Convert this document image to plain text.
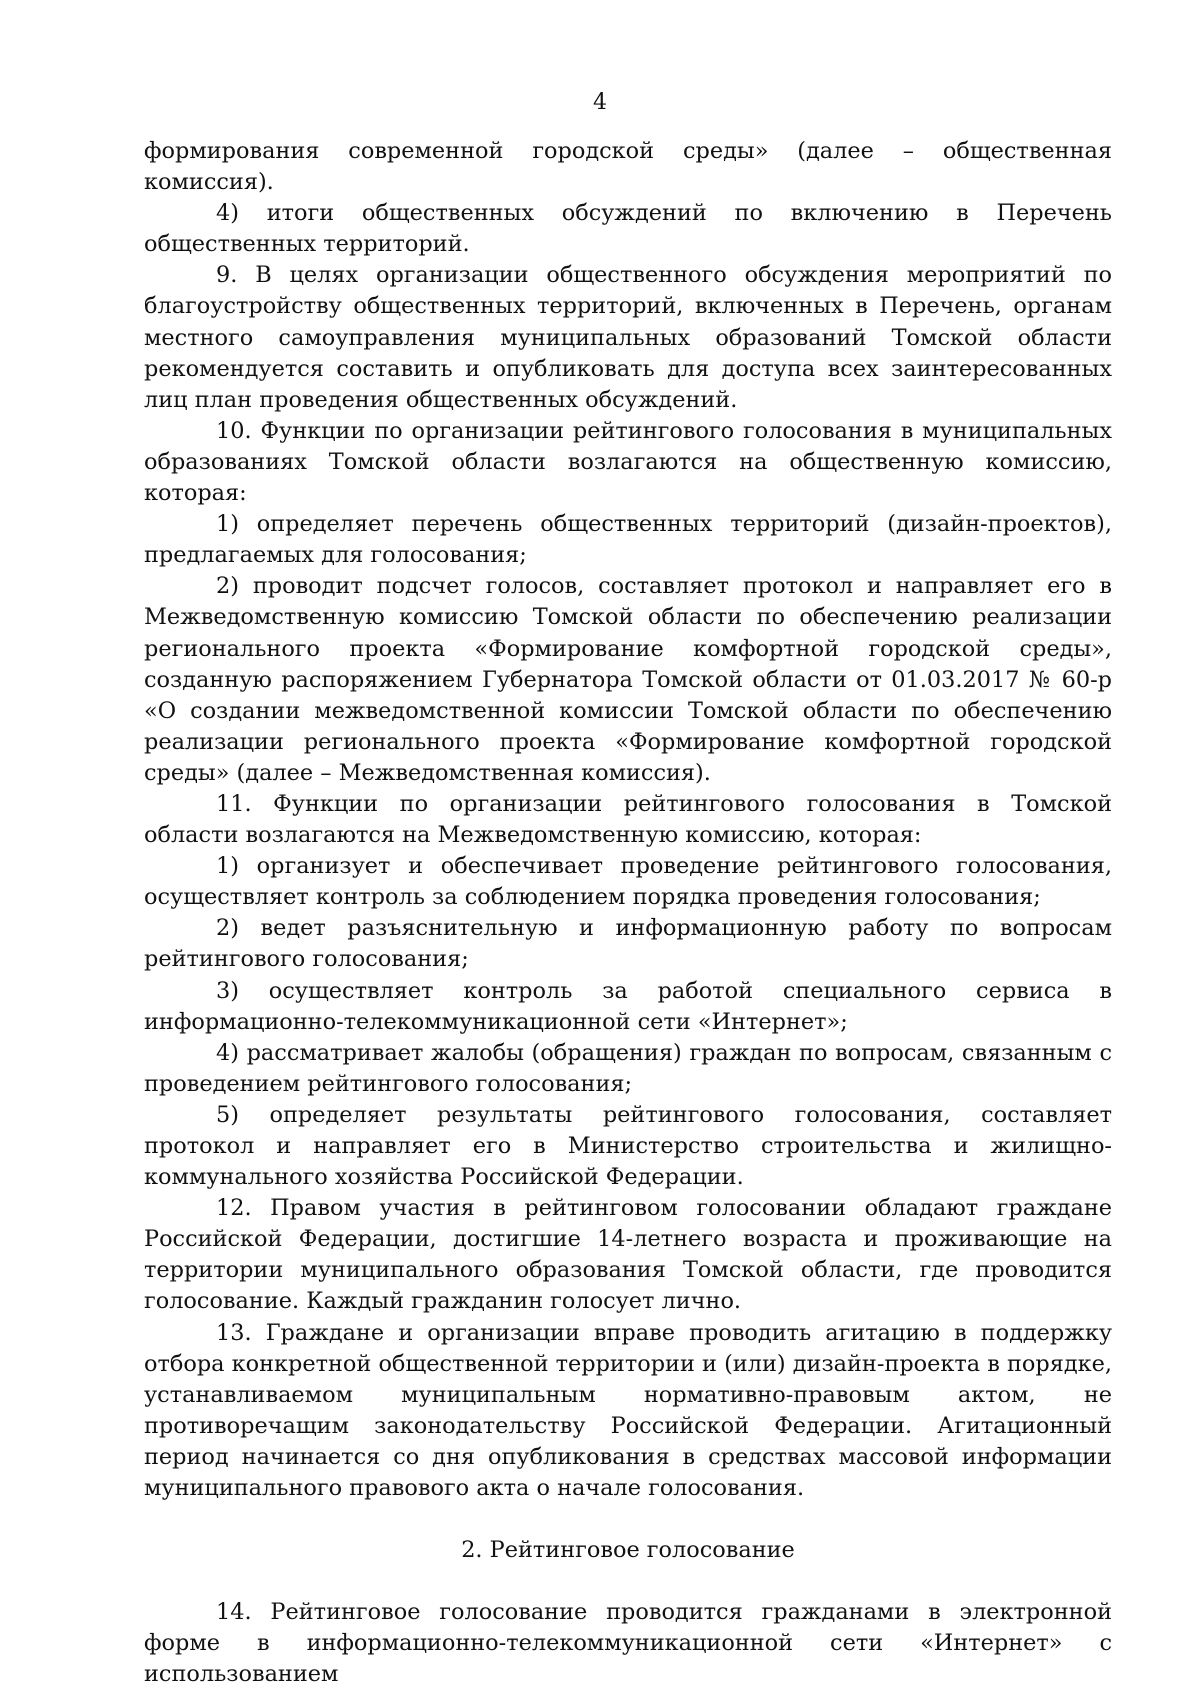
4

формирования современной городской среды» (далее – общественная комиссия).

4) итоги общественных обсуждений по включению в Перечень общественных территорий.

9. В целях организации общественного обсуждения мероприятий по благоустройству общественных территорий, включенных в Перечень, органам местного самоуправления муниципальных образований Томской области рекомендуется составить и опубликовать для доступа всех заинтересованных лиц план проведения общественных обсуждений.

10. Функции по организации рейтингового голосования в муниципальных образованиях Томской области возлагаются на общественную комиссию, которая:

1) определяет перечень общественных территорий (дизайн-проектов), предлагаемых для голосования;

2) проводит подсчет голосов, составляет протокол и направляет его в Межведомственную комиссию Томской области по обеспечению реализации регионального проекта «Формирование комфортной городской среды», созданную распоряжением Губернатора Томской области от 01.03.2017 № 60-р «О создании межведомственной комиссии Томской области по обеспечению реализации регионального проекта «Формирование комфортной городской среды» (далее – Межведомственная комиссия).

11. Функции по организации рейтингового голосования в Томской области возлагаются на Межведомственную комиссию, которая:

1) организует и обеспечивает проведение рейтингового голосования, осуществляет контроль за соблюдением порядка проведения голосования;

2) ведет разъяснительную и информационную работу по вопросам рейтингового голосования;

3) осуществляет контроль за работой специального сервиса в информационно-телекоммуникационной сети «Интернет»;

4) рассматривает жалобы (обращения) граждан по вопросам, связанным с проведением рейтингового голосования;

5) определяет результаты рейтингового голосования, составляет протокол и направляет его в Министерство строительства и жилищно-коммунального хозяйства Российской Федерации.

12. Правом участия в рейтинговом голосовании обладают граждане Российской Федерации, достигшие 14-летнего возраста и проживающие на территории муниципального образования Томской области, где проводится голосование. Каждый гражданин голосует лично.

13. Граждане и организации вправе проводить агитацию в поддержку отбора конкретной общественной территории и (или) дизайн-проекта в порядке, устанавливаемом муниципальным нормативно-правовым актом, не противоречащим законодательству Российской Федерации. Агитационный период начинается со дня опубликования в средствах массовой информации муниципального правового акта о начале голосования.

2. Рейтинговое голосование

14. Рейтинговое голосование проводится гражданами в электронной форме в информационно-телекоммуникационной сети «Интернет» с использованием
